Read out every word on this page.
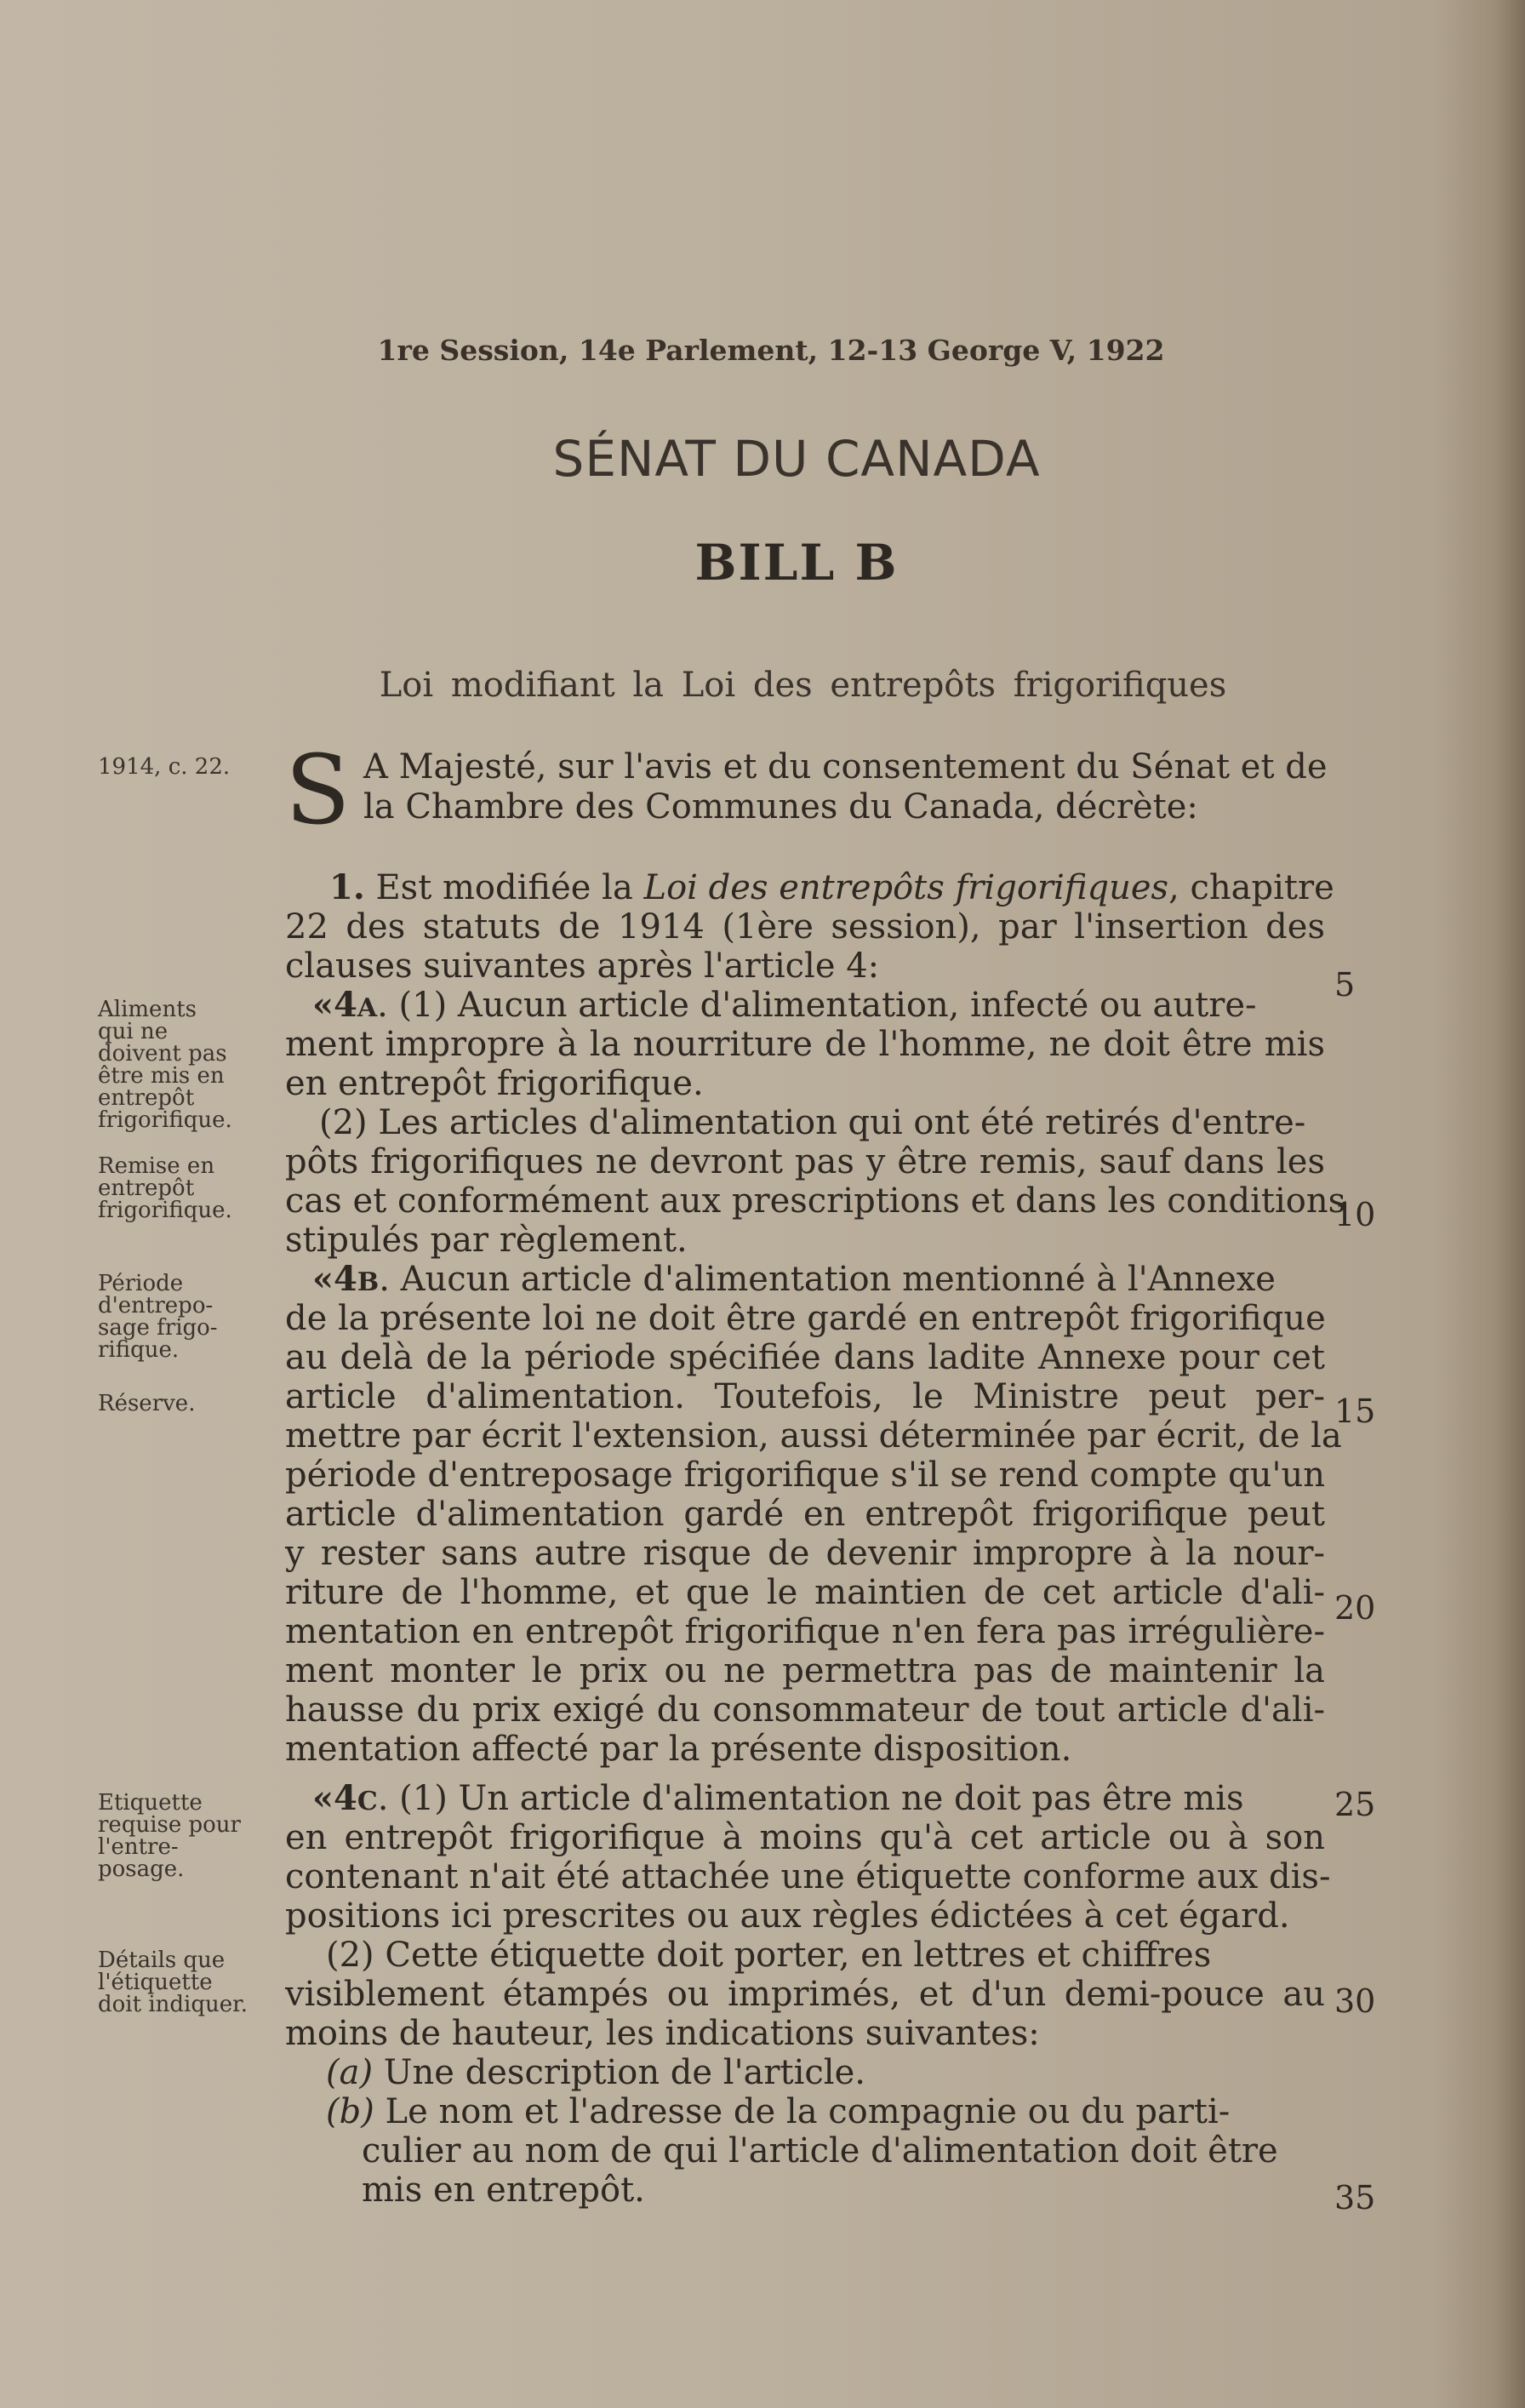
1re Session, 14e Parlement, 12-13 George V, 1922
SÉNAT DU CANADA
BILL B
Loi modifiant la Loi des entrepôts frigorifiques
1914, c. 22.
Aliments
qui ne
doivent pas
être mis en
entrepôt
frigorifique.
Remise en
entrepôt
frigorifique.
Période
d'entrepo-
sage frigo-
rifique.
Réserve.
Etiquette
requise pour
l'entre-
posage.
Détails que
l'étiquette
doit indiquer.
S A Majesté, sur l'avis et du consentement du Sénat et de
la Chambre des Communes du Canada, décrète:
1. Est modifiée la Loi des entrepôts frigorifiques, chapitre
22 des statuts de 1914 (1ère session), par l'insertion des
clauses suivantes après l'article 4:
«4A. (1) Aucun article d'alimentation, infecté ou autre-
ment impropre à la nourriture de l'homme, ne doit être mis
en entrepôt frigorifique.
(2) Les articles d'alimentation qui ont été retirés d'entre-
pôts frigorifiques ne devront pas y être remis, sauf dans les
cas et conformément aux prescriptions et dans les conditions
stipulés par règlement.
«4B. Aucun article d'alimentation mentionné à l'Annexe
de la présente loi ne doit être gardé en entrepôt frigorifique
au delà de la période spécifiée dans ladite Annexe pour cet
article d'alimentation. Toutefois, le Ministre peut per-
mettre par écrit l'extension, aussi déterminée par écrit, de la
période d'entreposage frigorifique s'il se rend compte qu'un
article d'alimentation gardé en entrepôt frigorifique peut
y rester sans autre risque de devenir impropre à la nour-
riture de l'homme, et que le maintien de cet article d'ali-
mentation en entrepôt frigorifique n'en fera pas irrégulière-
ment monter le prix ou ne permettra pas de maintenir la
hausse du prix exigé du consommateur de tout article d'ali-
mentation affecté par la présente disposition.
«4C. (1) Un article d'alimentation ne doit pas être mis
en entrepôt frigorifique à moins qu'à cet article ou à son
contenant n'ait été attachée une étiquette conforme aux dis-
positions ici prescrites ou aux règles édictées à cet égard.
(2) Cette étiquette doit porter, en lettres et chiffres
visiblement étampés ou imprimés, et d'un demi-pouce au
moins de hauteur, les indications suivantes:
(a) Une description de l'article.
(b) Le nom et l'adresse de la compagnie ou du parti-
culier au nom de qui l'article d'alimentation doit être
mis en entrepôt.
5
10
15
20
25
30
35
